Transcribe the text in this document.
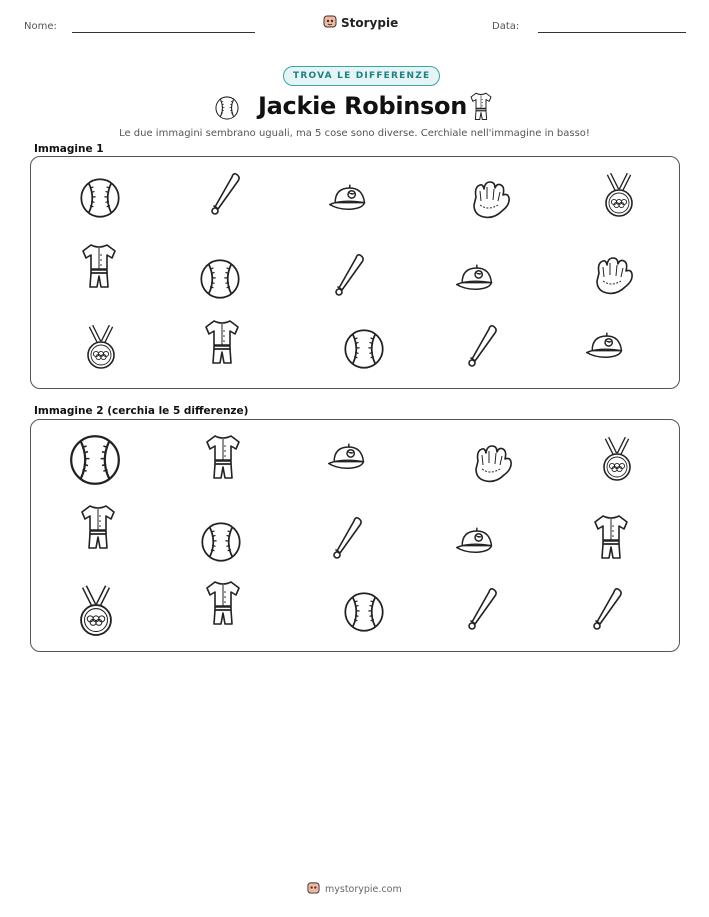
Nome:	Storypie	Data:
TROVA LE DIFFERENZE
Jackie Robinson
Le due immagini sembrano uguali, ma 5 cose sono diverse. Cerchiale nell'immagine in basso!
Immagine 1
Immagine 2 (cerchia le 5 differenze)
mystorypie.com
